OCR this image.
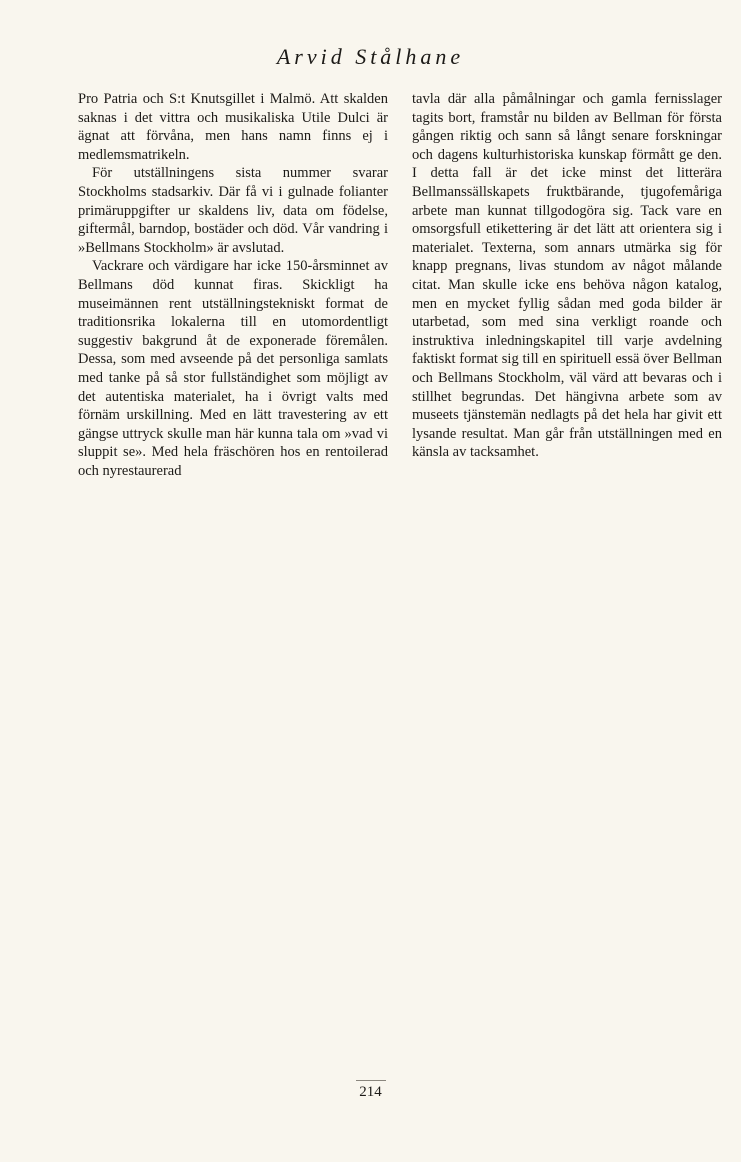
Arvid Stålhane

Pro Patria och S:t Knutsgillet i Malmö. Att skalden saknas i det vittra och musikaliska Utile Dulci är ägnat att förvåna, men hans namn finns ej i medlemsmatrikeln.

För utställningens sista nummer svarar Stockholms stadsarkiv. Där få vi i gulnade folianter primäruppgifter ur skaldens liv, data om födelse, giftermål, barndop, bostäder och död. Vår vandring i »Bellmans Stockholm» är avslutad.

Vackrare och värdigare har icke 150-årsminnet av Bellmans död kunnat firas. Skickligt ha museimännen rent utställningstekniskt format de traditionsrika lokalerna till en utomordentligt suggestiv bakgrund åt de exponerade föremålen. Dessa, som med avseende på det personliga samlats med tanke på så stor fullständighet som möjligt av det autentiska materialet, ha i övrigt valts med förnäm urskillning. Med en lätt travestering av ett gängse uttryck skulle man här kunna tala om »vad vi sluppit se». Med hela fräschören hos en rentoilerad och nyrestaurerad

tavla där alla påmålningar och gamla fernisslager tagits bort, framstår nu bilden av Bellman för första gången riktig och sann så långt senare forskningar och dagens kulturhistoriska kunskap förmått ge den. I detta fall är det icke minst det litterära Bellmanssällskapets fruktbärande, tjugofemåriga arbete man kunnat tillgodogöra sig. Tack vare en omsorgsfull etikettering är det lätt att orientera sig i materialet. Texterna, som annars utmärka sig för knapp pregnans, livas stundom av något målande citat. Man skulle icke ens behöva någon katalog, men en mycket fyllig sådan med goda bilder är utarbetad, som med sina verkligt roande och instruktiva inledningskapitel till varje avdelning faktiskt format sig till en spirituell essä över Bellman och Bellmans Stockholm, väl värd att bevaras och i stillhet begrundas. Det hängivna arbete som av museets tjänstemän nedlagts på det hela har givit ett lysande resultat. Man går från utställningen med en känsla av tacksamhet.

214
